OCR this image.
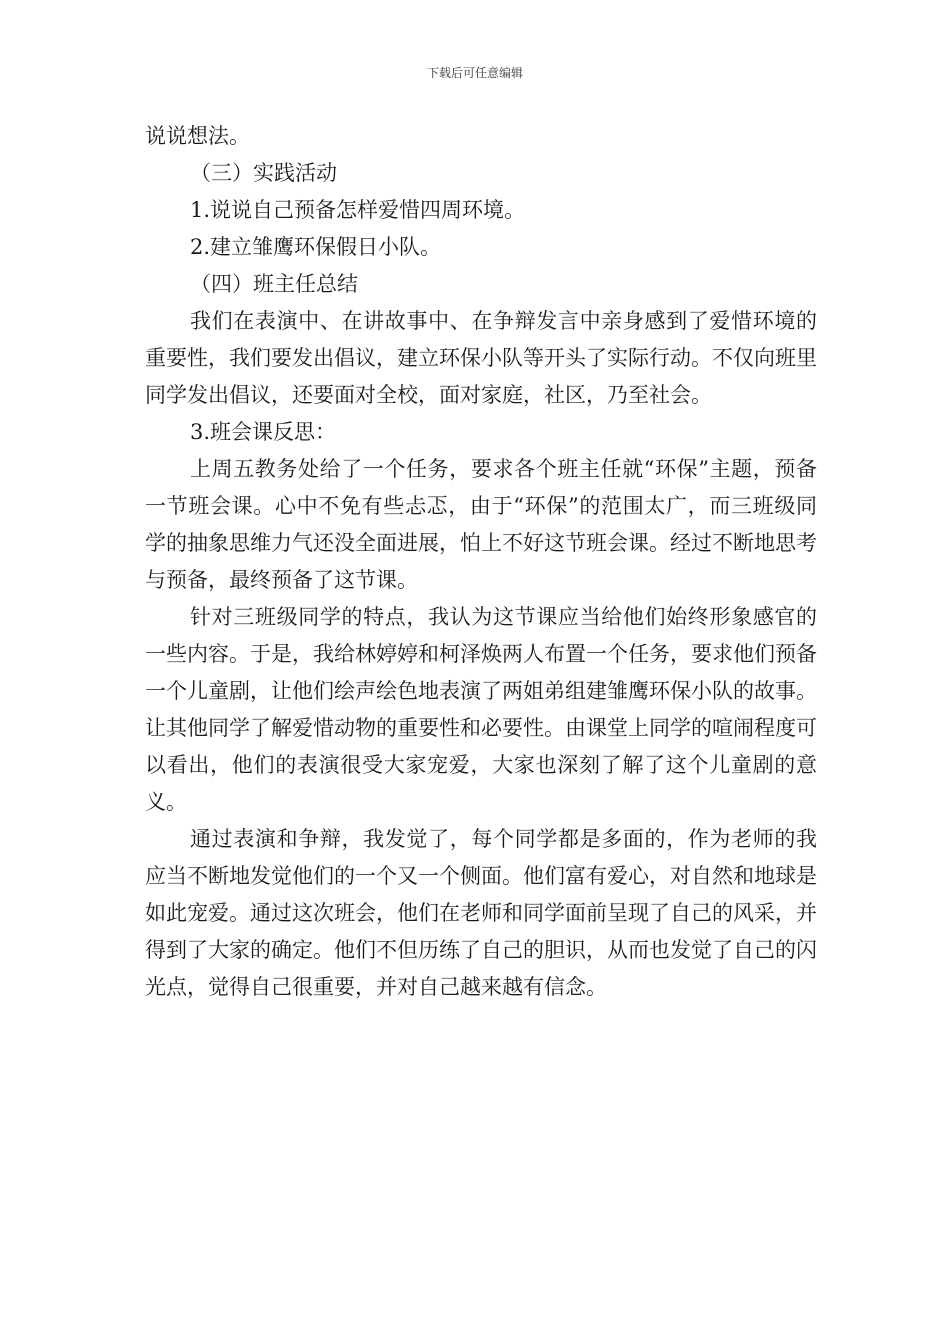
下载后可任意编辑

说说想法。

（三）实践活动

1.说说自己预备怎样爱惜四周环境。

2.建立雏鹰环保假日小队。

（四）班主任总结

我们在表演中、在讲故事中、在争辩发言中亲身感到了爱惜环境的重要性，我们要发出倡议，建立环保小队等开头了实际行动。不仅向班里同学发出倡议，还要面对全校，面对家庭，社区，乃至社会。

3.班会课反思：

上周五教务处给了一个任务，要求各个班主任就“环保”主题，预备一节班会课。心中不免有些忐忑，由于“环保”的范围太广，而三班级同学的抽象思维力气还没全面进展，怕上不好这节班会课。经过不断地思考与预备，最终预备了这节课。

针对三班级同学的特点，我认为这节课应当给他们始终形象感官的一些内容。于是，我给林婷婷和柯泽焕两人布置一个任务，要求他们预备一个儿童剧，让他们绘声绘色地表演了两姐弟组建雏鹰环保小队的故事。让其他同学了解爱惜动物的重要性和必要性。由课堂上同学的喧闹程度可以看出，他们的表演很受大家宠爱，大家也深刻了解了这个儿童剧的意义。

通过表演和争辩，我发觉了，每个同学都是多面的，作为老师的我应当不断地发觉他们的一个又一个侧面。他们富有爱心，对自然和地球是如此宠爱。通过这次班会，他们在老师和同学面前呈现了自己的风采，并得到了大家的确定。他们不但历练了自己的胆识，从而也发觉了自己的闪光点，觉得自己很重要，并对自己越来越有信念。
